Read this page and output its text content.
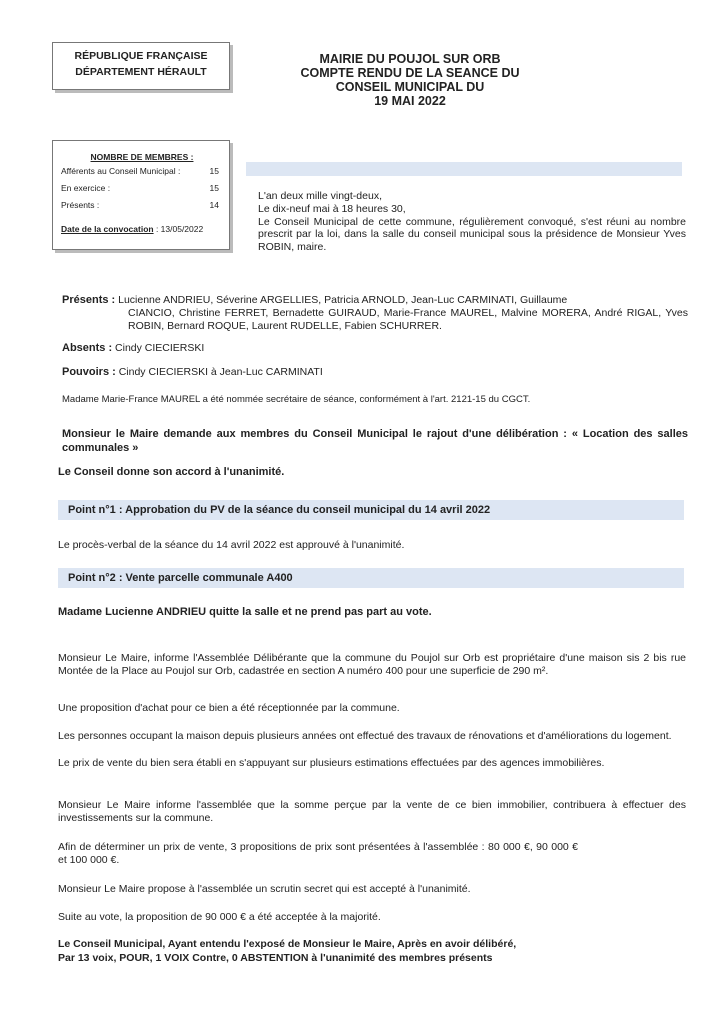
RÉPUBLIQUE FRANÇAISE
DÉPARTEMENT HÉRAULT
MAIRIE DU POUJOL SUR ORB
COMPTE RENDU DE LA SEANCE DU
CONSEIL MUNICIPAL DU
19 MAI 2022
NOMBRE DE MEMBRES :
Afférents au Conseil Municipal :	15
En exercice :	15
Présents :	14
Date de la convocation : 13/05/2022
L'an deux mille vingt-deux,
Le dix-neuf mai à 18 heures 30,
Le Conseil Municipal de cette commune, régulièrement convoqué, s'est réuni au nombre prescrit par la loi, dans la salle du conseil municipal sous la présidence de Monsieur Yves ROBIN, maire.
Présents : Lucienne ANDRIEU, Séverine ARGELLIES, Patricia ARNOLD, Jean-Luc CARMINATI, Guillaume
CIANCIO, Christine FERRET, Bernadette GUIRAUD, Marie-France MAUREL, Malvine MORERA, André RIGAL, Yves ROBIN, Bernard ROQUE, Laurent RUDELLE, Fabien SCHURRER.
Absents : Cindy CIECIERSKI
Pouvoirs : Cindy CIECIERSKI à Jean-Luc CARMINATI
Madame Marie-France MAUREL a été nommée secrétaire de séance, conformément à l'art. 2121-15 du CGCT.
Monsieur le Maire demande aux membres du Conseil Municipal le rajout d'une délibération : « Location des salles communales »
Le Conseil donne son accord à l'unanimité.
Point n°1 : Approbation du PV de la séance du conseil municipal du 14 avril 2022
Le procès-verbal de la séance du 14 avril 2022 est approuvé à l'unanimité.
Point n°2 : Vente parcelle communale A400
Madame Lucienne ANDRIEU quitte la salle et ne prend pas part au vote.
Monsieur Le Maire, informe l'Assemblée Délibérante que la commune du Poujol sur Orb est propriétaire d'une maison sis 2 bis rue Montée de la Place au Poujol sur Orb, cadastrée en section A numéro 400 pour une superficie de 290 m².
Une proposition d'achat pour ce bien a été réceptionnée par la commune.
Les personnes occupant la maison depuis plusieurs années ont effectué des travaux de rénovations et d'améliorations du logement.
Le prix de vente du bien sera établi en s'appuyant sur plusieurs estimations effectuées par des agences immobilières.
Monsieur Le Maire informe l'assemblée que la somme perçue par la vente de ce bien immobilier, contribuera à effectuer des investissements sur la commune.
Afin de déterminer un prix de vente, 3 propositions de prix sont présentées à l'assemblée : 80 000 €, 90 000 € et 100 000 €.
Monsieur Le Maire propose à l'assemblée un scrutin secret qui est accepté à l'unanimité.
Suite au vote, la proposition de 90 000 € a été acceptée à la majorité.
Le Conseil Municipal, Ayant entendu l'exposé de Monsieur le Maire, Après en avoir délibéré,
Par 13 voix, POUR, 1 VOIX Contre, 0 ABSTENTION à l'unanimité des membres présents
